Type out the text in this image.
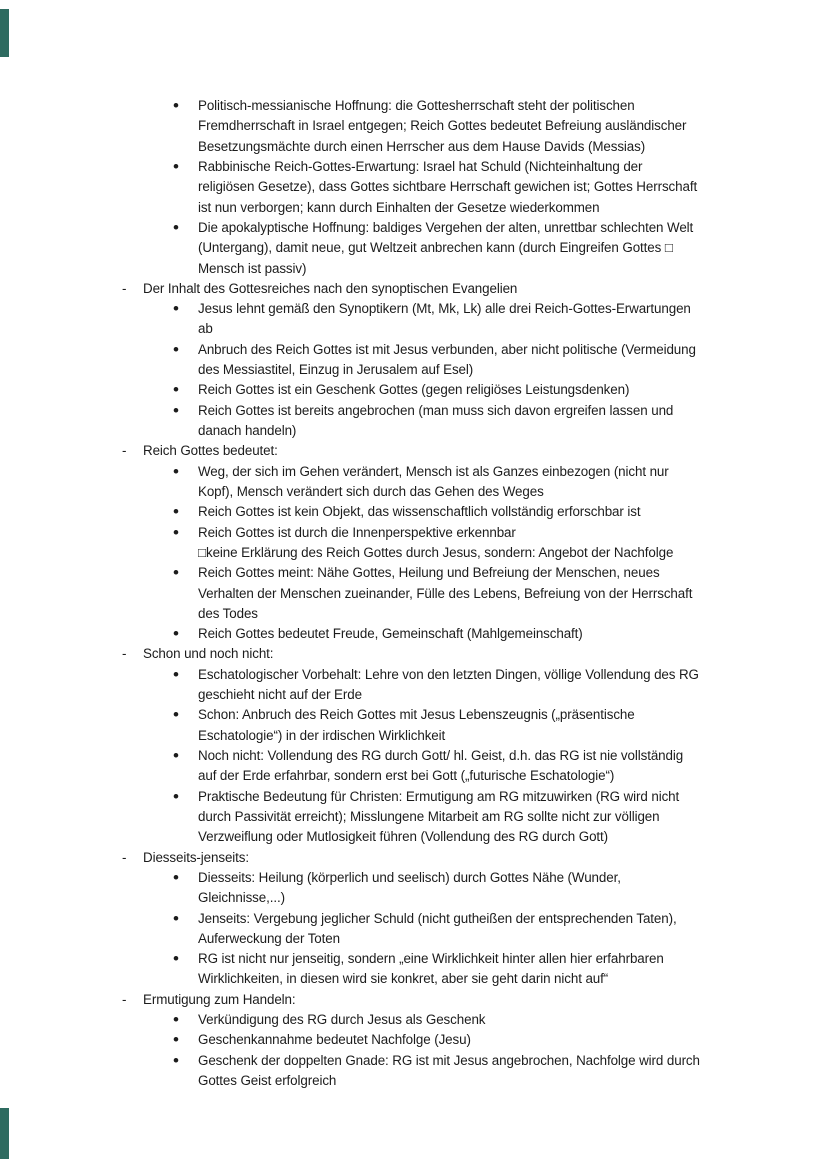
• Politisch-messianische Hoffnung: die Gottesherrschaft steht der politischen
Fremdherrschaft in Israel entgegen; Reich Gottes bedeutet Befreiung ausländischer
Besetzungsmächte durch einen Herrscher aus dem Hause Davids (Messias)
• Rabbinische Reich-Gottes-Erwartung: Israel hat Schuld (Nichteinhaltung der
religiösen Gesetze), dass Gottes sichtbare Herrschaft gewichen ist; Gottes Herrschaft
ist nun verborgen; kann durch Einhalten der Gesetze wiederkommen
• Die apokalyptische Hoffnung: baldiges Vergehen der alten, unrettbar schlechten Welt
(Untergang), damit neue, gut Weltzeit anbrechen kann (durch Eingreifen Gottes □
Mensch ist passiv)
- Der Inhalt des Gottesreiches nach den synoptischen Evangelien
• Jesus lehnt gemäß den Synoptikern (Mt, Mk, Lk) alle drei Reich-Gottes-Erwartungen
ab
• Anbruch des Reich Gottes ist mit Jesus verbunden, aber nicht politische (Vermeidung
des Messiastitel, Einzug in Jerusalem auf Esel)
• Reich Gottes ist ein Geschenk Gottes (gegen religiöses Leistungsdenken)
• Reich Gottes ist bereits angebrochen (man muss sich davon ergreifen lassen und
danach handeln)
- Reich Gottes bedeutet:
• Weg, der sich im Gehen verändert, Mensch ist als Ganzes einbezogen (nicht nur
Kopf), Mensch verändert sich durch das Gehen des Weges
• Reich Gottes ist kein Objekt, das wissenschaftlich vollständig erforschbar ist
• Reich Gottes ist durch die Innenperspektive erkennbar
□keine Erklärung des Reich Gottes durch Jesus, sondern: Angebot der Nachfolge
• Reich Gottes meint: Nähe Gottes, Heilung und Befreiung der Menschen, neues
Verhalten der Menschen zueinander, Fülle des Lebens, Befreiung von der Herrschaft
des Todes
• Reich Gottes bedeutet Freude, Gemeinschaft (Mahlgemeinschaft)
- Schon und noch nicht:
• Eschatologischer Vorbehalt: Lehre von den letzten Dingen, völlige Vollendung des RG
geschieht nicht auf der Erde
• Schon: Anbruch des Reich Gottes mit Jesus Lebenszeugnis („präsentische
Eschatologie“) in der irdischen Wirklichkeit
• Noch nicht: Vollendung des RG durch Gott/ hl. Geist, d.h. das RG ist nie vollständig
auf der Erde erfahrbar, sondern erst bei Gott („futurische Eschatologie“)
• Praktische Bedeutung für Christen: Ermutigung am RG mitzuwirken (RG wird nicht
durch Passivität erreicht); Misslungene Mitarbeit am RG sollte nicht zur völligen
Verzweiflung oder Mutlosigkeit führen (Vollendung des RG durch Gott)
- Diesseits-jenseits:
• Diesseits: Heilung (körperlich und seelisch) durch Gottes Nähe (Wunder,
Gleichnisse,...)
• Jenseits: Vergebung jeglicher Schuld (nicht gutheißen der entsprechenden Taten),
Auferweckung der Toten
• RG ist nicht nur jenseitig, sondern „eine Wirklichkeit hinter allen hier erfahrbaren
Wirklichkeiten, in diesen wird sie konkret, aber sie geht darin nicht auf“
- Ermutigung zum Handeln:
• Verkündigung des RG durch Jesus als Geschenk
• Geschenkannahme bedeutet Nachfolge (Jesu)
• Geschenk der doppelten Gnade: RG ist mit Jesus angebrochen, Nachfolge wird durch
Gottes Geist erfolgreich
